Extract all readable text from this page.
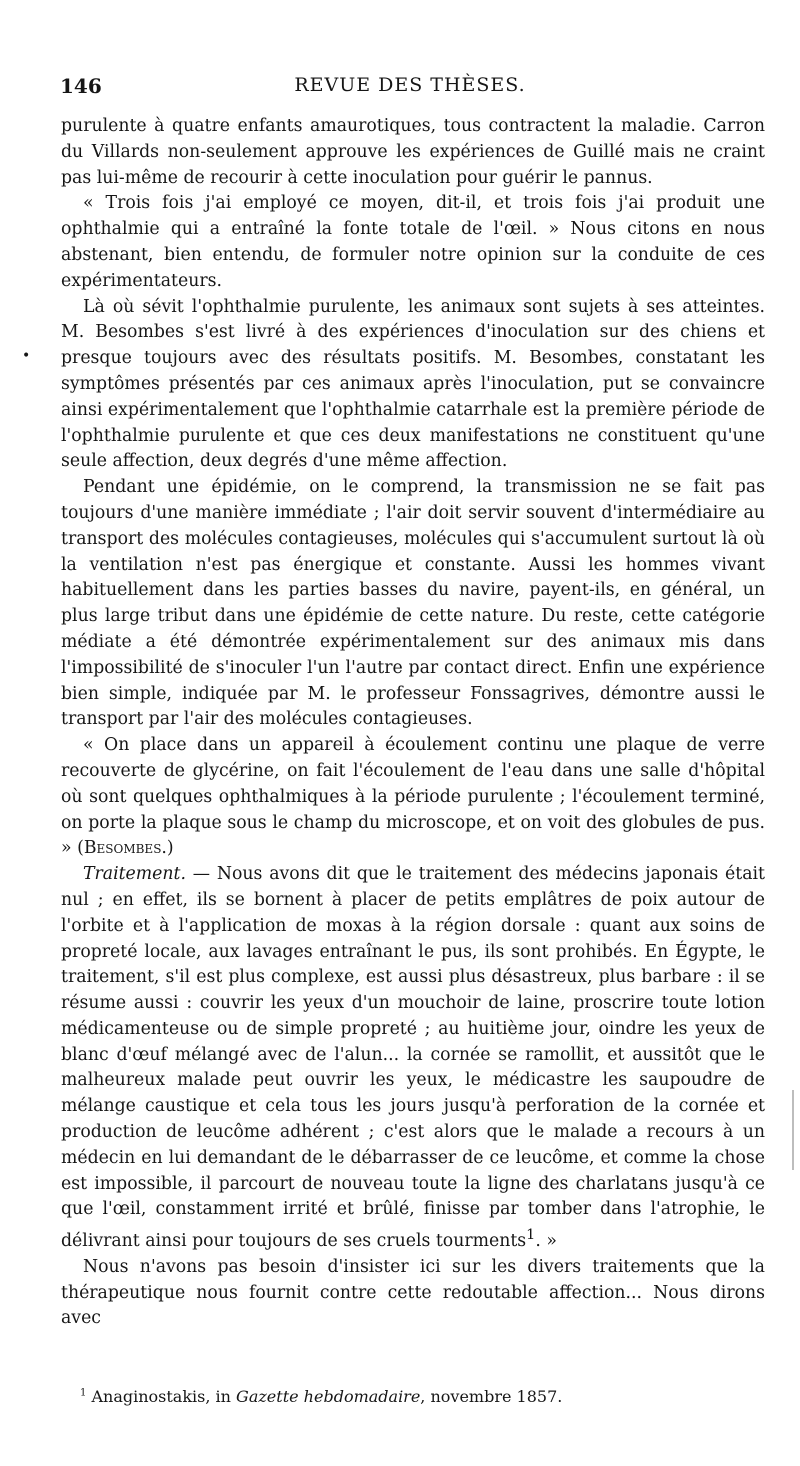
146	REVUE DES THÈSES.
•

purulente à quatre enfants amaurotiques, tous contractent la maladie. Carron du Villards non-seulement approuve les expériences de Guillé mais ne craint pas lui-même de recourir à cette inoculation pour guérir le pannus.

« Trois fois j'ai employé ce moyen, dit-il, et trois fois j'ai produit une ophthalmie qui a entraîné la fonte totale de l'œil. » Nous citons en nous abstenant, bien entendu, de formuler notre opinion sur la conduite de ces expérimentateurs.

Là où sévit l'ophthalmie purulente, les animaux sont sujets à ses atteintes. M. Besombes s'est livré à des expériences d'inoculation sur des chiens et presque toujours avec des résultats positifs. M. Besombes, constatant les symptômes présentés par ces animaux après l'inoculation, put se convaincre ainsi expérimentalement que l'ophthalmie catarrhale est la première période de l'ophthalmie purulente et que ces deux manifestations ne constituent qu'une seule affection, deux degrés d'une même affection.

Pendant une épidémie, on le comprend, la transmission ne se fait pas toujours d'une manière immédiate ; l'air doit servir souvent d'intermédiaire au transport des molécules contagieuses, molécules qui s'accumulent surtout là où la ventilation n'est pas énergique et constante. Aussi les hommes vivant habituellement dans les parties basses du navire, payent-ils, en général, un plus large tribut dans une épidémie de cette nature. Du reste, cette catégorie médiate a été démontrée expérimentalement sur des animaux mis dans l'impossibilité de s'inoculer l'un l'autre par contact direct. Enfin une expérience bien simple, indiquée par M. le professeur Fonssagrives, démontre aussi le transport par l'air des molécules contagieuses.

« On place dans un appareil à écoulement continu une plaque de verre recouverte de glycérine, on fait l'écoulement de l'eau dans une salle d'hôpital où sont quelques ophthalmiques à la période purulente ; l'écoulement terminé, on porte la plaque sous le champ du microscope, et on voit des globules de pus. » (Besombes.)

Traitement. — Nous avons dit que le traitement des médecins japonais était nul ; en effet, ils se bornent à placer de petits emplâtres de poix autour de l'orbite et à l'application de moxas à la région dorsale : quant aux soins de propreté locale, aux lavages entraînant le pus, ils sont prohibés. En Égypte, le traitement, s'il est plus complexe, est aussi plus désastreux, plus barbare : il se résume aussi : couvrir les yeux d'un mouchoir de laine, proscrire toute lotion médicamenteuse ou de simple propreté ; au huitième jour, oindre les yeux de blanc d'œuf mélangé avec de l'alun... la cornée se ramollit, et aussitôt que le malheureux malade peut ouvrir les yeux, le médicastre les saupoudre de mélange caustique et cela tous les jours jusqu'à perforation de la cornée et production de leucôme adhérent ; c'est alors que le malade a recours à un médecin en lui demandant de le débarrasser de ce leucôme, et comme la chose est impossible, il parcourt de nouveau toute la ligne des charlatans jusqu'à ce que l'œil, constamment irrité et brûlé, finisse par tomber dans l'atrophie, le délivrant ainsi pour toujours de ses cruels tourments$^1$. »

Nous n'avons pas besoin d'insister ici sur les divers traitements que la thérapeutique nous fournit contre cette redoutable affection... Nous dirons avec

$^1$ Anaginostakis, in Gazette hebdomadaire, novembre 1857.
